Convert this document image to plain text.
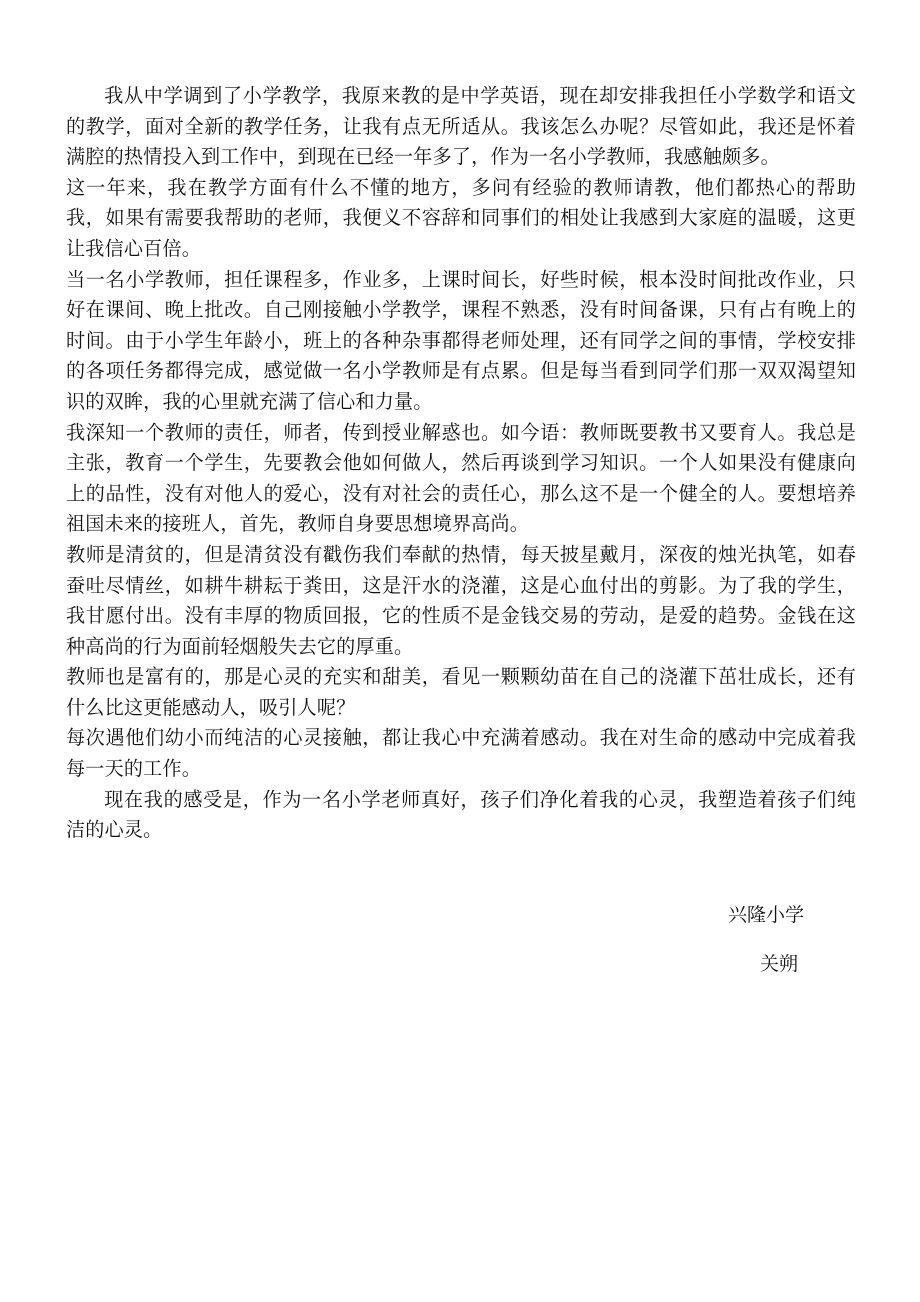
我从中学调到了小学教学，我原来教的是中学英语，现在却安排我担任小学数学和语文的教学，面对全新的教学任务，让我有点无所适从。我该怎么办呢？尽管如此，我还是怀着满腔的热情投入到工作中，到现在已经一年多了，作为一名小学教师，我感触颇多。

这一年来，我在教学方面有什么不懂的地方，多问有经验的教师请教，他们都热心的帮助我，如果有需要我帮助的老师，我便义不容辞和同事们的相处让我感到大家庭的温暖，这更让我信心百倍。

当一名小学教师，担任课程多，作业多，上课时间长，好些时候，根本没时间批改作业，只好在课间、晚上批改。自己刚接触小学教学，课程不熟悉，没有时间备课，只有占有晚上的时间。由于小学生年龄小，班上的各种杂事都得老师处理，还有同学之间的事情，学校安排的各项任务都得完成，感觉做一名小学教师是有点累。但是每当看到同学们那一双双渴望知识的双眸，我的心里就充满了信心和力量。

我深知一个教师的责任，师者，传到授业解惑也。如今语：教师既要教书又要育人。我总是主张，教育一个学生，先要教会他如何做人，然后再谈到学习知识。一个人如果没有健康向上的品性，没有对他人的爱心，没有对社会的责任心，那么这不是一个健全的人。要想培养祖国未来的接班人，首先，教师自身要思想境界高尚。

教师是清贫的，但是清贫没有戳伤我们奉献的热情，每天披星戴月，深夜的烛光执笔，如春蚕吐尽情丝，如耕牛耕耘于粪田，这是汗水的浇灌，这是心血付出的剪影。为了我的学生，我甘愿付出。没有丰厚的物质回报，它的性质不是金钱交易的劳动，是爱的趋势。金钱在这种高尚的行为面前轻烟般失去它的厚重。

教师也是富有的，那是心灵的充实和甜美，看见一颗颗幼苗在自己的浇灌下茁壮成长，还有什么比这更能感动人，吸引人呢？

每次遇他们幼小而纯洁的心灵接触，都让我心中充满着感动。我在对生命的感动中完成着我每一天的工作。

现在我的感受是，作为一名小学老师真好，孩子们净化着我的心灵，我塑造着孩子们纯洁的心灵。

兴隆小学
关朔
